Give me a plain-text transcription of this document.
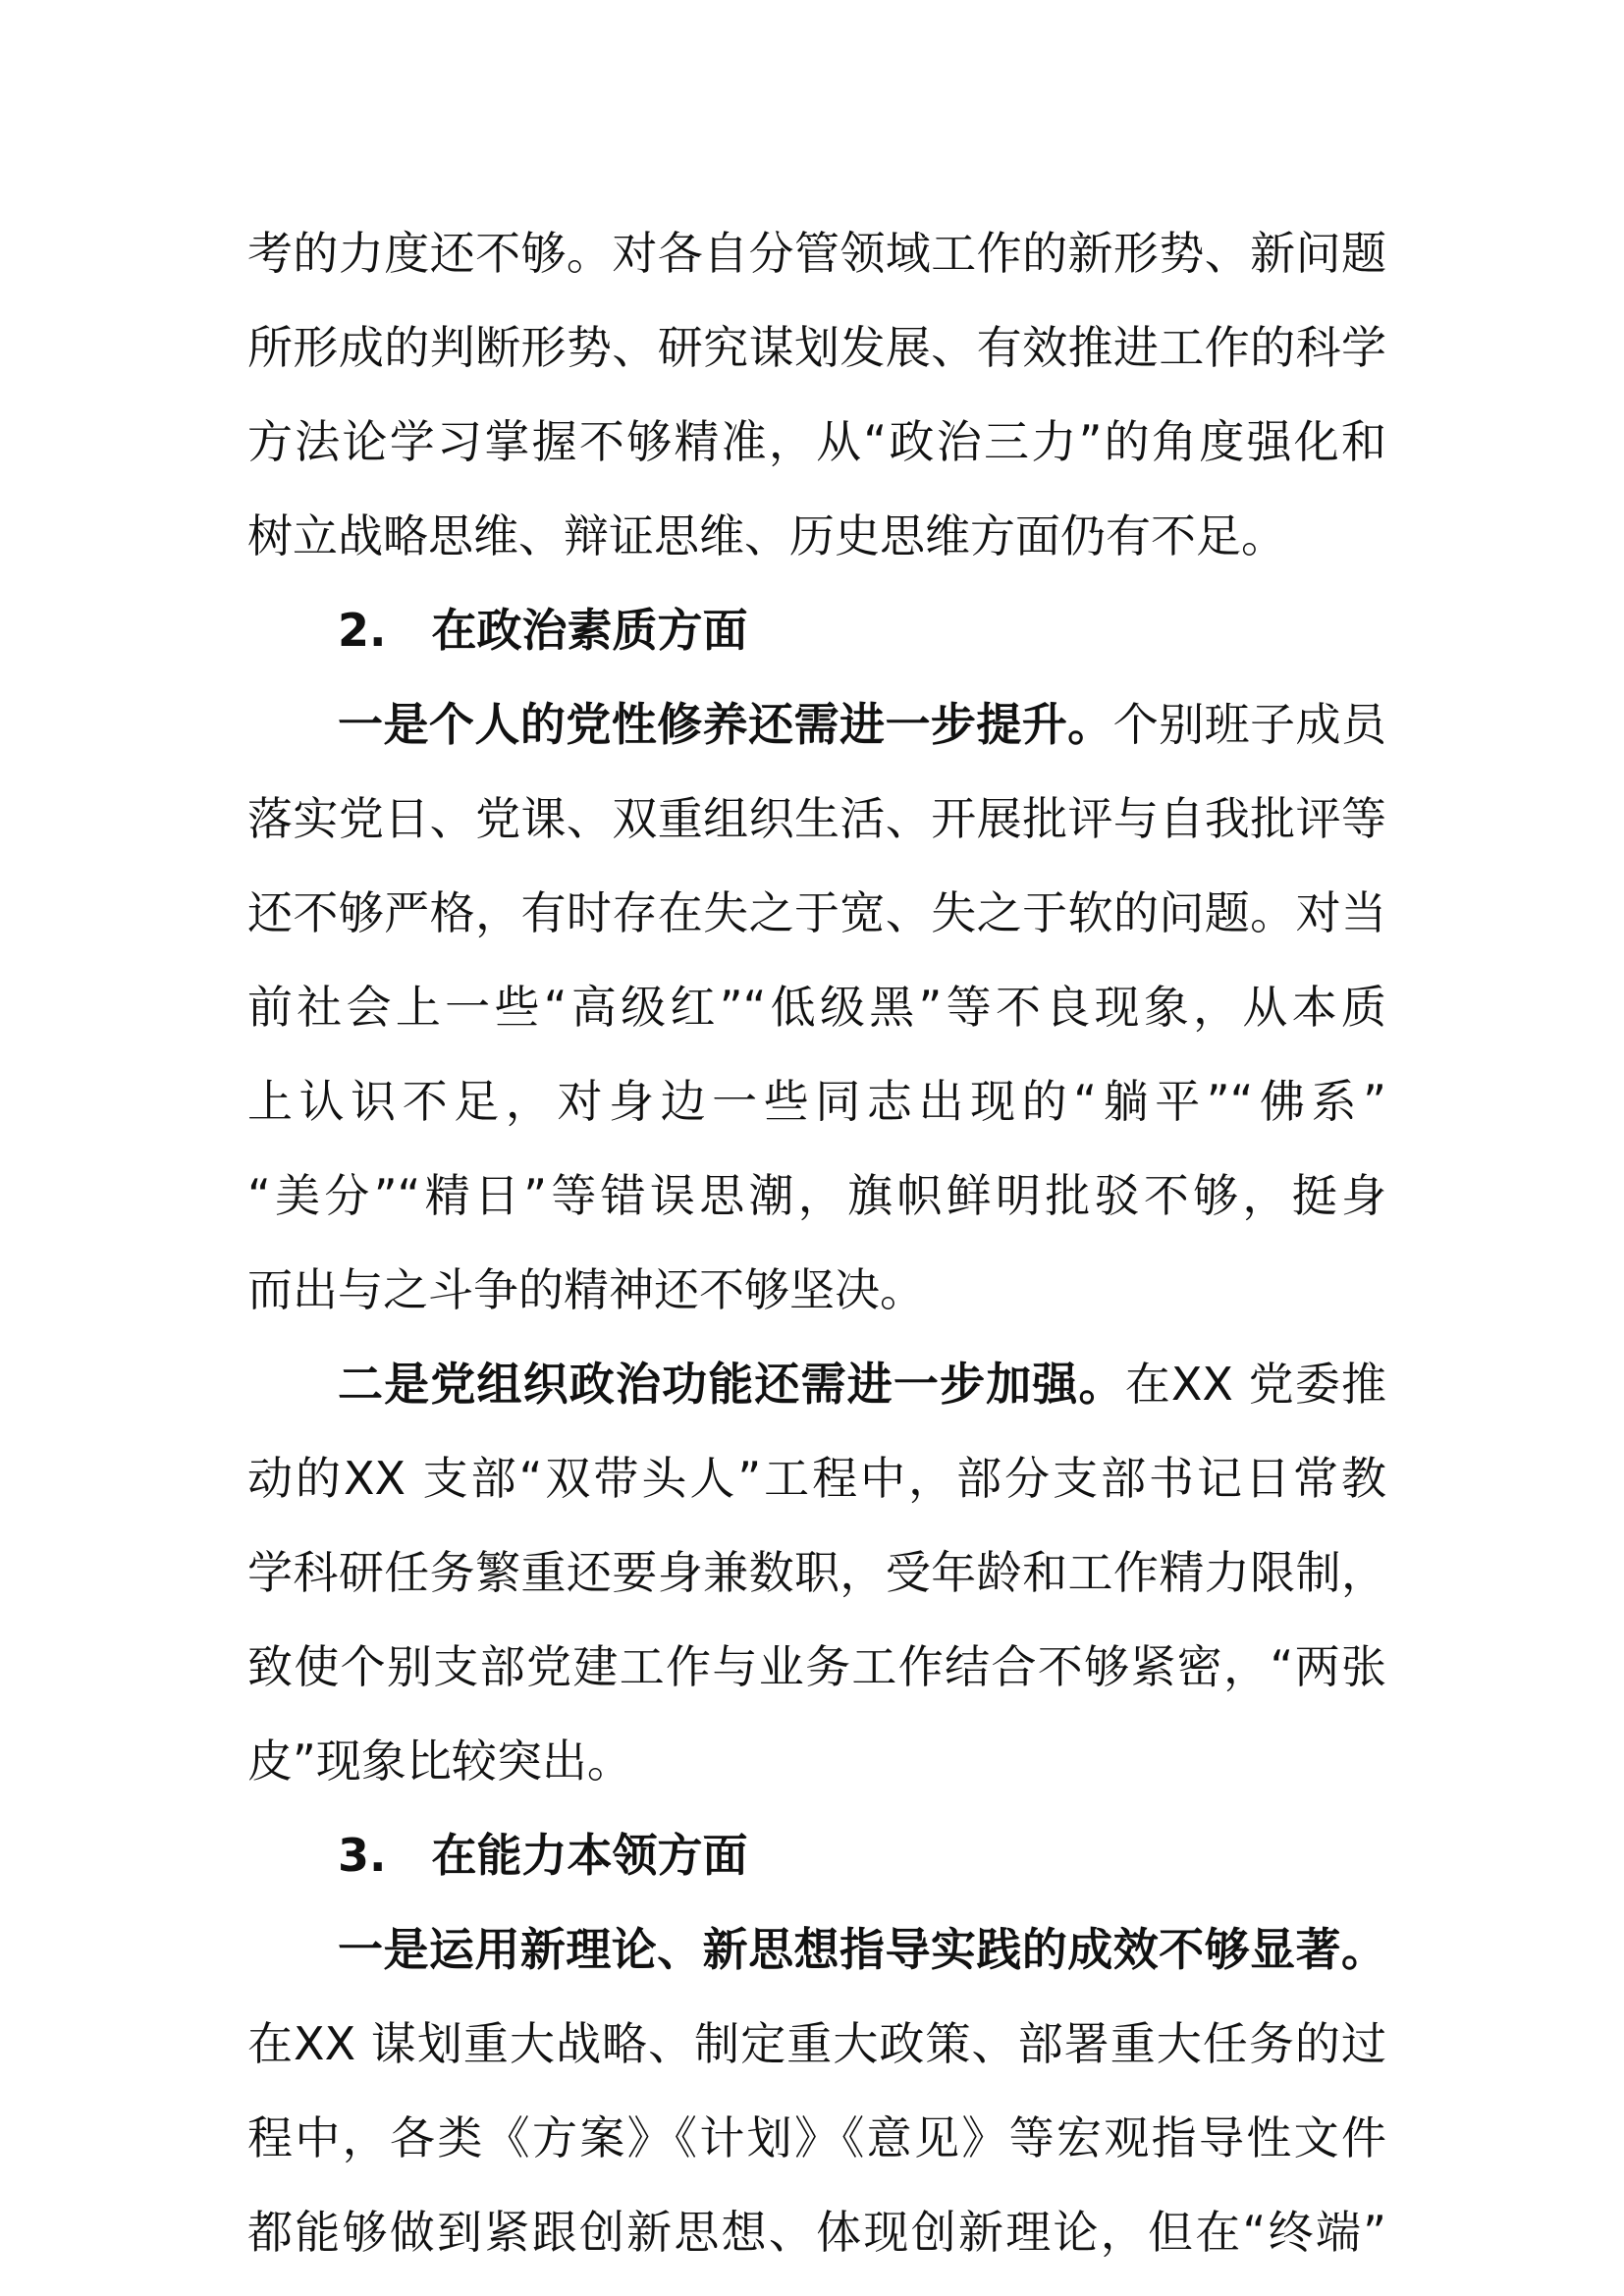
考的力度还不够。对各自分管领域工作的新形势、新问题
所形成的判断形势、研究谋划发展、有效推进工作的科学
方法论学习掌握不够精准，从“政治三力”的角度强化和
树立战略思维、辩证思维、历史思维方面仍有不足。
2.　在政治素质方面
一是个人的党性修养还需进一步提升。个别班子成员
落实党日、党课、双重组织生活、开展批评与自我批评等
还不够严格，有时存在失之于宽、失之于软的问题。对当
前社会上一些“高级红”“低级黑”等不良现象，从本质
上认识不足，对身边一些同志出现的“躺平”“佛系”
“美分”“精日”等错误思潮，旗帜鲜明批驳不够，挺身
而出与之斗争的精神还不够坚决。
二是党组织政治功能还需进一步加强。在XX 党委推
动的XX 支部“双带头人”工程中，部分支部书记日常教
学科研任务繁重还要身兼数职，受年龄和工作精力限制，
致使个别支部党建工作与业务工作结合不够紧密，“两张
皮”现象比较突出。
3.　在能力本领方面
一是运用新理论、新思想指导实践的成效不够显著。
在XX 谋划重大战略、制定重大政策、部署重大任务的过
程中，各类《方案》《计划》《意见》等宏观指导性文件
都能够做到紧跟创新思想、体现创新理论，但在“终端”
